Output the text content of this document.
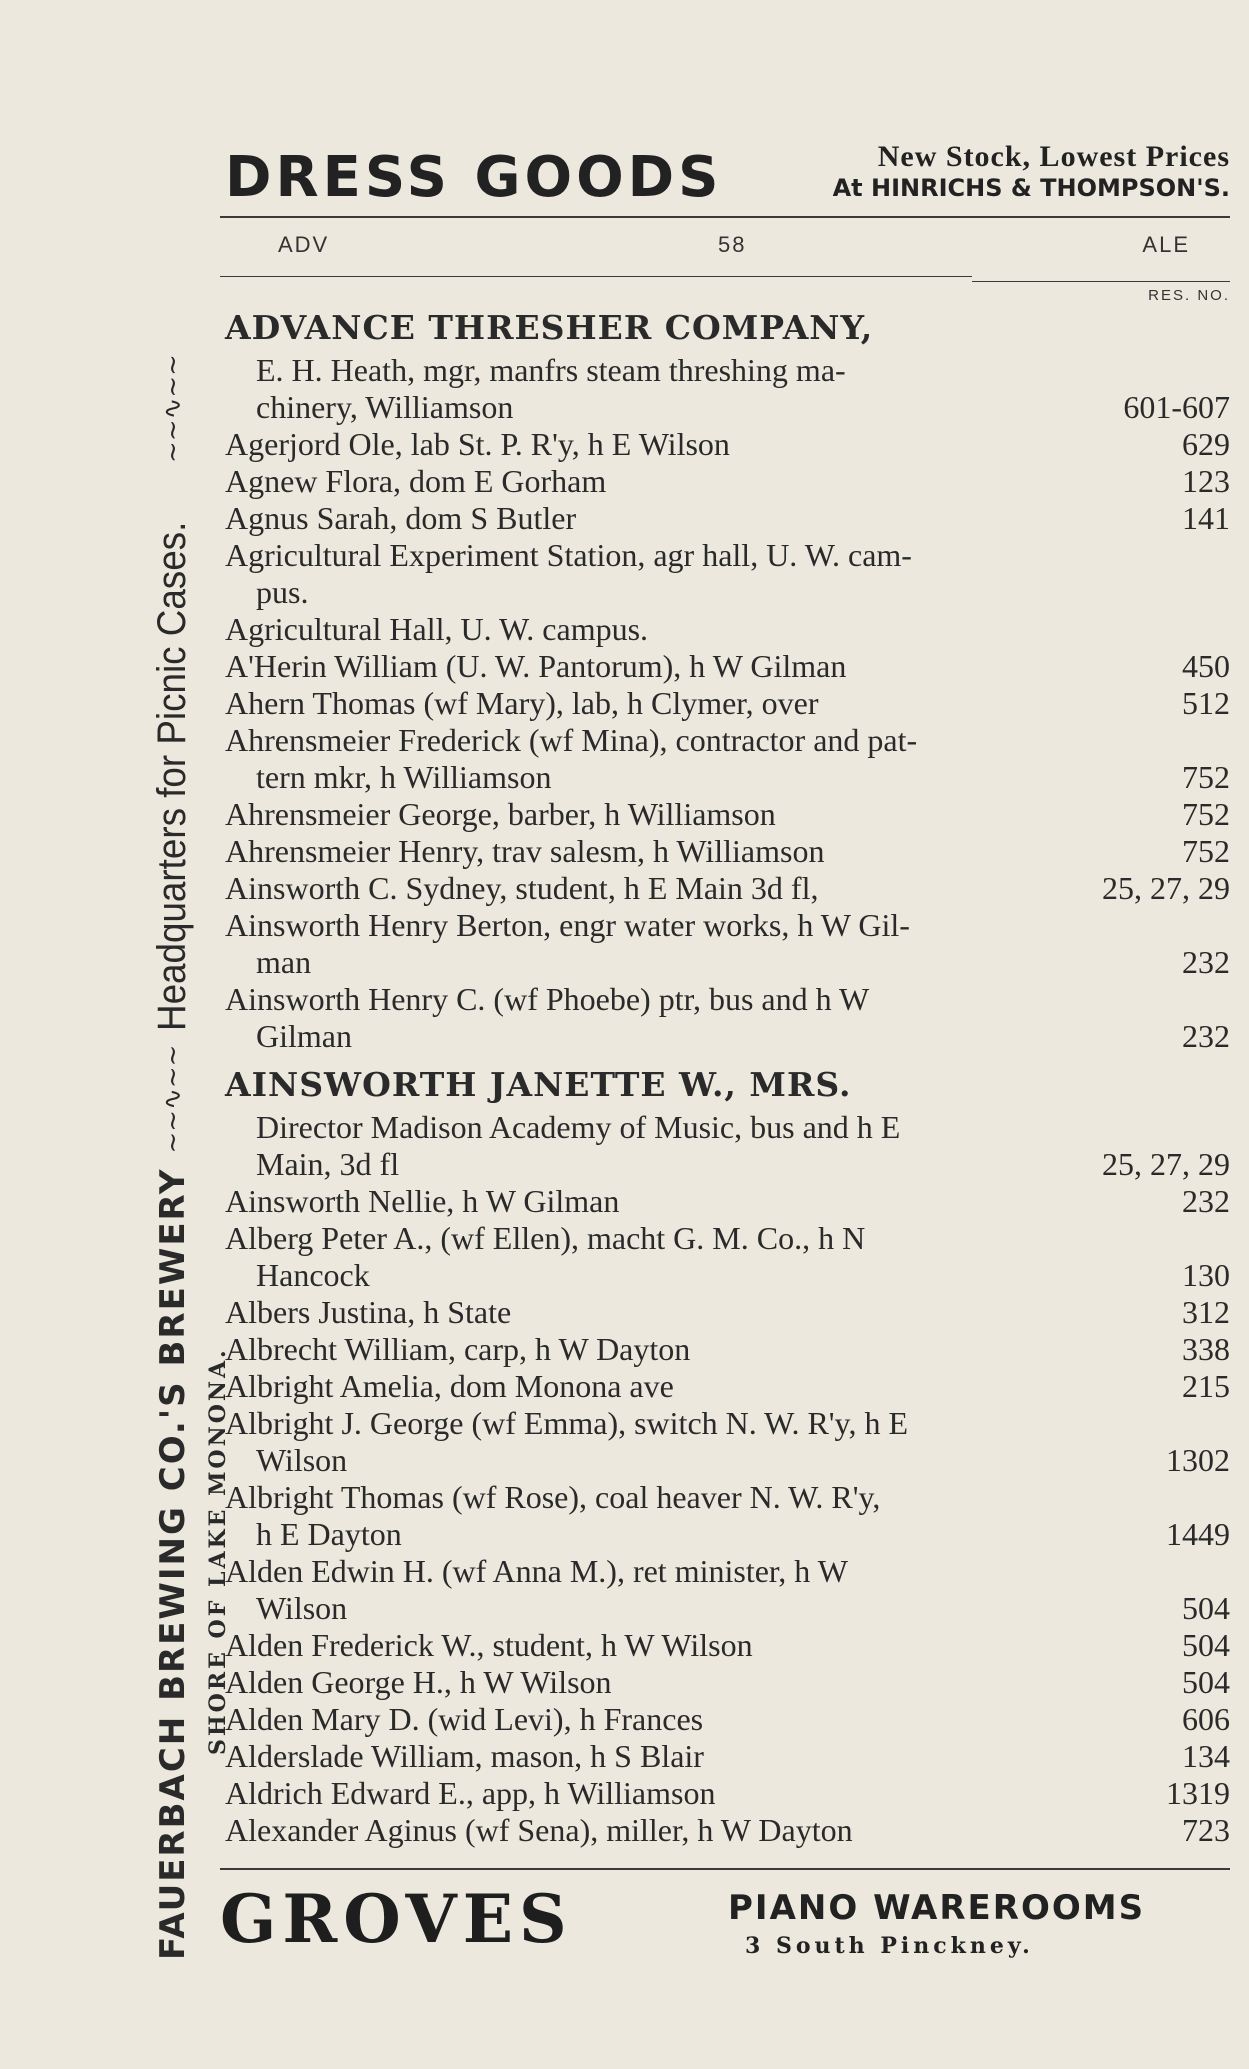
FAUERBACH BREWING CO.'S BREWERY
~~∿~~
Headquarters for Picnic Cases.
~~∿~~
SHORE OF LAKE MONONA.
DRESS GOODS	New Stock, Lowest Prices
At HINRICHS & THOMPSON'S.
ADV	58	ALE
RES. NO.
ADVANCE THRESHER COMPANY,
E. H. Heath, mgr, manfrs steam threshing ma-
chinery, Williamson	601-607
Agerjord Ole, lab St. P. R'y, h E Wilson	629
Agnew Flora, dom E Gorham	123
Agnus Sarah, dom S Butler	141
Agricultural Experiment Station, agr hall, U. W. cam-
pus.
Agricultural Hall, U. W. campus.
A'Herin William (U. W. Pantorum), h W Gilman	450
Ahern Thomas (wf Mary), lab, h Clymer, over	512
Ahrensmeier Frederick (wf Mina), contractor and pat-
tern mkr, h Williamson	752
Ahrensmeier George, barber, h Williamson	752
Ahrensmeier Henry, trav salesm, h Williamson	752
Ainsworth C. Sydney, student, h E Main 3d fl,	25, 27, 29
Ainsworth Henry Berton, engr water works, h W Gil-
man	232
Ainsworth Henry C. (wf Phoebe) ptr, bus and h W
Gilman	232
AINSWORTH JANETTE W., MRS.
Director Madison Academy of Music, bus and h E
Main, 3d fl	25, 27, 29
Ainsworth Nellie, h W Gilman	232
Alberg Peter A., (wf Ellen), macht G. M. Co., h N
Hancock	130
Albers Justina, h State	312
Albrecht William, carp, h W Dayton	338
Albright Amelia, dom Monona ave	215
Albright J. George (wf Emma), switch N. W. R'y, h E
Wilson	1302
Albright Thomas (wf Rose), coal heaver N. W. R'y,
h E Dayton	1449
Alden Edwin H. (wf Anna M.), ret minister, h W
Wilson	504
Alden Frederick W., student, h W Wilson	504
Alden George H., h W Wilson	504
Alden Mary D. (wid Levi), h Frances	606
Alderslade William, mason, h S Blair	134
Aldrich Edward E., app, h Williamson	1319
Alexander Aginus (wf Sena), miller, h W Dayton	723
GROVES	PIANO WAREROOMS
3 South Pinckney.
